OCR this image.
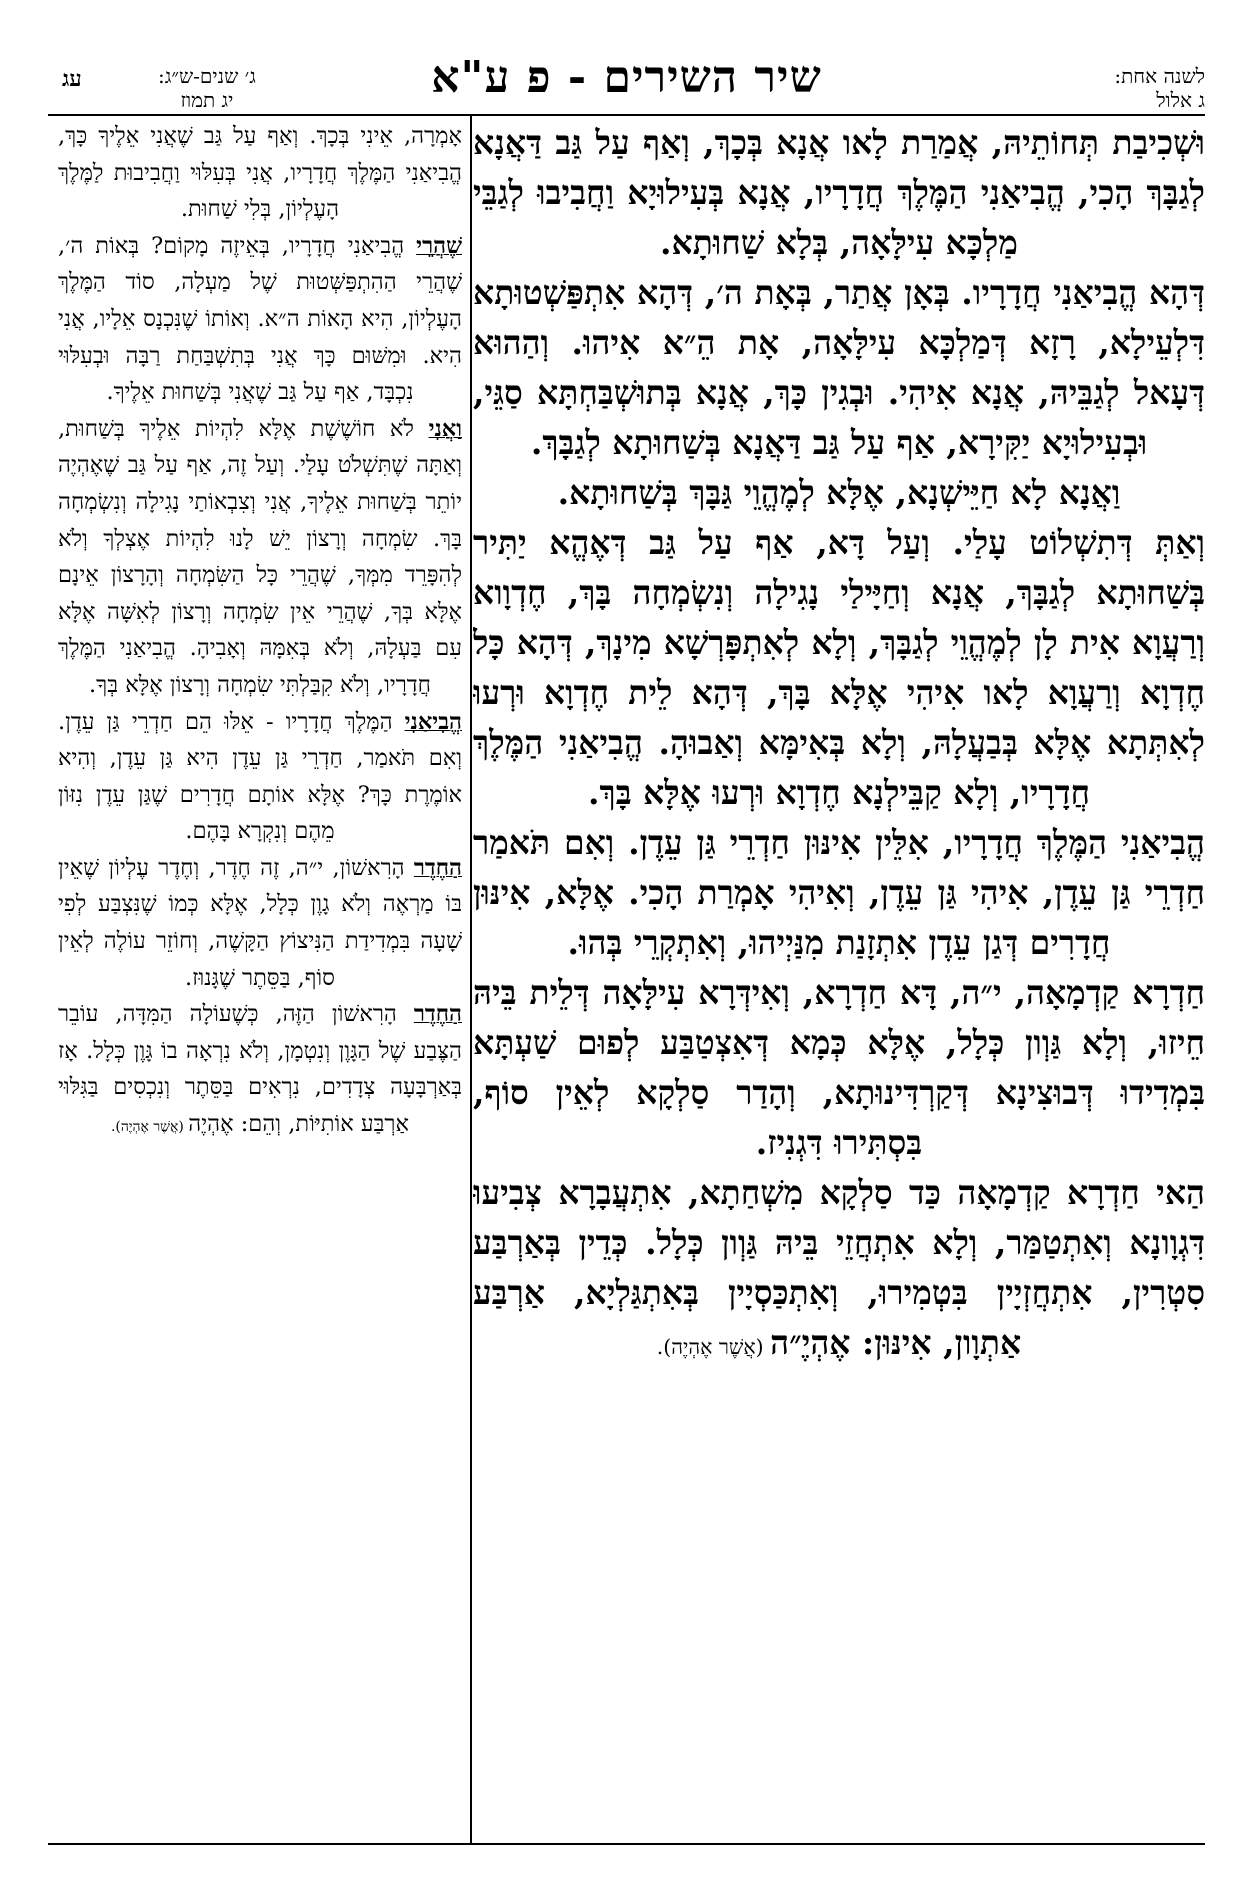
לשנה אחת:
ג אלול
שיר השירים - פ ע"א
ג׳ שנים-ש״ג:
יג תמוז
עג

וּשְׁכִיבַת תְּחוֹתֵיהּ, אֲמַרַת לָאו אֲנָא בְּכָךְ, וְאַף עַל גַּב דַּאֲנָא לְגַבָּךְ הָכִי, הֱבִיאַנִי הַמֶּלֶךְ חֲדָרָיו, אֲנָא בְּעִילוּיָא וַחֲבִיבוּ לְגַבֵּי מַלְכָּא עִילָּאָה, בְּלָא שַׁחוּתָא.

דְּהָא הֱבִיאַנִי חֲדָרָיו. בְּאָן אֲתַר, בְּאָת ה׳, דְּהָא אִתְפַּשְׁטוּתָא דִּלְעֵילָא, רָזָא דְּמַלְכָּא עִילָּאָה, אָת הֵ״א אִיהוּ. וְהַהוּא דְּעָאל לְגַבֵּיהּ, אֲנָא אִיהִי. וּבְגִין כָּךְ, אֲנָא בְּתוּשְׁבַּחְתָּא סַגֵּי, וּבְעִילוּיָא יַקִּירָא, אַף עַל גַּב דַּאֲנָא בְּשַׁחוּתָא לְגַבָּךְ.

וַאֲנָא לָא חַיֵּישְׁנָא, אֶלָּא לְמֶהֱוֵי גַּבָּךְ בְּשַׁחוּתָא.

וְאַתְּ דְּתִשְׁלוֹט עָלַי. וְעַל דָּא, אַף עַל גַּב דְּאֶהֱא יַתִּיר בְּשַׁחוּתָא לְגַבָּךְ, אֲנָא וְחַיָּילַי נָגִילָה וְנִשְׂמְחָה בָּךְ, חֶדְוָוא וְרַעֲוָא אִית לָן לְמֶהֱוֵי לְגַבָּךְ, וְלָא לְאִתְפָּרְשָׁא מִינָךְ, דְּהָא כָּל חֶדְוָא וְרַעֲוָא לָאו אִיהִי אֶלָּא בָּךְ, דְּהָא לֵית חֶדְוָא וּרְעוּ לְאִתְּתָא אֶלָּא בְּבַעֲלָהּ, וְלָא בְּאִימָּא וְאַבוּהָ. הֱבִיאַנִי הַמֶּלֶךְ חֲדָרָיו, וְלָא קַבֵּילְנָא חֶדְוָא וּרְעוּ אֶלָּא בָּךְ.

הֱבִיאַנִי הַמֶּלֶךְ חֲדָרָיו, אִלֵּין אִינּוּן חַדְרֵי גַּן עֵדֶן. וְאִם תֹּאמַר חַדְרֵי גַּן עֵדֶן, אִיהִי גַּן עֵדֶן, וְאִיהִי אָמְרַת הָכִי. אֶלָּא, אִינּוּן חֲדָרִים דְּגַן עֵדֶן אִתְזָנַת מִנַּיְיהוּ, וְאִתְקְרֵי בְּהוּ.

חַדְרָא קַדְמָאָה, י״ה, דָּא חַדְרָא, וְאִידְּרָא עִילָּאָה דְּלֵית בֵּיהּ חֵיזוּ, וְלָא גַּוְון כְּלָל, אֶלָּא כְּמָא דְּאִצְטַבַּע לְפוּם שַׁעְתָּא בִּמְדִידוּ דְּבוּצִינָא דְּקַרְדִּינוּתָא, וְהָדַר סַלְקָא לְאֵין סוֹף, בִּסְתִּירוּ דִּגְנִיז.

הַאי חַדְרָא קַדְמָאָה כַּד סַלְקָא מִשְׁחַתָא, אִתְעֲבָרָא צְבִיעוּ דִּגְוָונָא וְאִתְטַמַּר, וְלָא אִתְחֲזֵי בֵּיהּ גַּוְון כְּלָל. כְּדֵין בְּאַרְבַּע סִטְרִין, אִתְחֲזְיָין בִּטְמִירוּ, וְאִתְכַּסְיָין בְּאִתְגַּלְיָא, אַרְבַּע אַתְוָון, אִינּוּן: אֶהְיֶ״ה (אֲשֶׁר אֶהְיֶה).

אָמְרָה, אֵינִי בְּכָךְ. וְאַף עַל גַּב שֶׁאֲנִי אֵלֶיךָ כָּךְ, הֱבִיאַנִי הַמֶּלֶךְ חֲדָרָיו, אֲנִי בְּעִלּוּי וַחֲבִיבוּת לַמֶּלֶךְ הָעֶלְיוֹן, בְּלִי שַׁחוּת.

שֶׁהֲרֵי הֱבִיאַנִי חֲדָרָיו, בְּאֵיזֶה מָקוֹם? בְּאוֹת ה׳, שֶׁהֲרֵי הַהִתְפַּשְּׁטוּת שֶׁל מַעְלָה, סוֹד הַמֶּלֶךְ הָעֶלְיוֹן, הִיא הָאוֹת ה״א. וְאוֹתוֹ שֶׁנִּכְנָס אֵלָיו, אֲנִי הִיא. וּמִשּׁוּם כָּךְ אֲנִי בְּתִשְׁבַּחַת רַבָּה וּבְעִלּוּי נִכְבָּד, אַף עַל גַּב שֶׁאֲנִי בְּשַׁחוּת אֵלֶיךָ.

וַאֲנִי לֹא חוֹשֶׁשֶׁת אֶלָּא לִהְיוֹת אֵלֶיךָ בְּשַׁחוּת, וְאַתָּה שֶׁתִּשְׁלֹט עָלַי. וְעַל זֶה, אַף עַל גַּב שֶׁאֶהְיֶה יוֹתֵר בְּשַׁחוּת אֵלֶיךָ, אֲנִי וְצִבְאוֹתַי נָגִילָה וְנִשְׂמְחָה בָּךְ. שִׂמְחָה וְרָצוֹן יֵשׁ לָנוּ לִהְיוֹת אֶצְלְךָ וְלֹא לְהִפָּרֵד מִמְּךָ, שֶׁהֲרֵי כָּל הַשִּׂמְחָה וְהָרָצוֹן אֵינָם אֶלָּא בְּךָ, שֶׁהֲרֵי אֵין שִׂמְחָה וְרָצוֹן לְאִשָּׁה אֶלָּא עִם בַּעְלָהּ, וְלֹא בְּאִמָּהּ וְאָבִיהָ. הֱבִיאַנִי הַמֶּלֶךְ חֲדָרָיו, וְלֹא קִבַּלְתִּי שִׂמְחָה וְרָצוֹן אֶלָּא בְּךָ.

הֱבִיאַנִי הַמֶּלֶךְ חֲדָרָיו - אֵלּוּ הֵם חַדְרֵי גַּן עֵדֶן. וְאִם תֹּאמַר, חַדְרֵי גַּן עֵדֶן הִיא גַּן עֵדֶן, וְהִיא אוֹמֶרֶת כָּךְ? אֶלָּא אוֹתָם חֲדָרִים שֶׁגַּן עֵדֶן נִזּוֹן מֵהֶם וְנִקְרָא בָּהֶם.

הַחֶדֶר הָרִאשׁוֹן, י״ה, זֶה חֶדֶר, וְחֶדֶר עֶלְיוֹן שֶׁאֵין בּוֹ מַרְאֶה וְלֹא גָוֶן כְּלָל, אֶלָּא כְּמוֹ שֶׁנִּצְבַּע לְפִי שָׁעָה בִּמְדִידַת הַנִּיצוֹץ הַקָּשֶׁה, וְחוֹזֵר עוֹלֶה לְאֵין סוֹף, בַּסֵּתֶר שֶׁגָּנוּז.

הַחֶדֶר הָרִאשׁוֹן הַזֶּה, כְּשֶׁעוֹלָה הַמִּדָּה, עוֹבֵר הַצֶּבַע שֶׁל הַגָּוֶן וְנִטְמָן, וְלֹא נִרְאָה בוֹ גָּוֶן כְּלָל. אָז בְּאַרְבָּעָה צְדָדִים, נִרְאִים בַּסֵּתֶר וְנִכְסִים בַּגִּלּוּי אַרְבַּע אוֹתִיּוֹת, וְהֵם: אֶהְיֶה (אֲשֶׁר אֶהְיֶה).
